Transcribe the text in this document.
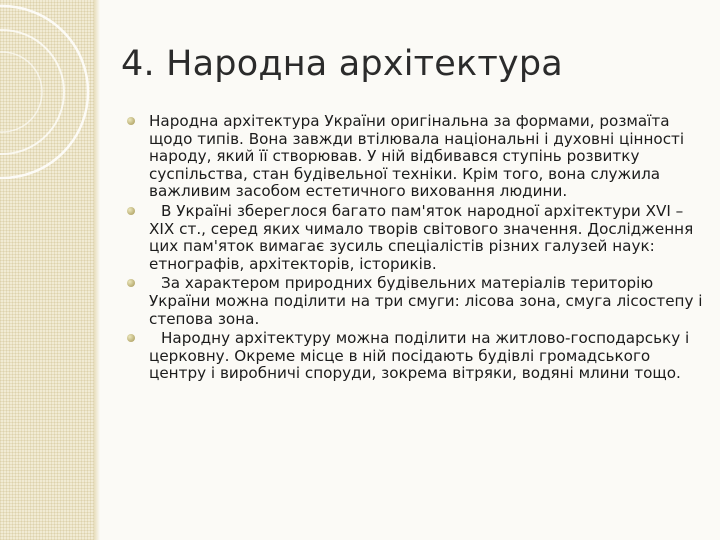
4. Народна архітектура
Народна архітектура України оригінальна за формами, розмаїта щодо типів. Вона завжди втілювала національні і духовні цінності народу, який її створював. У ній відбивався ступінь розвитку суспільства, стан будівельної техніки. Крім того, вона служила важливим засобом естетичного виховання людини.
В Україні збереглося багато пам'яток народної архітектури XVI – XIX ст., серед яких чимало творів світового значення. Дослідження цих пам'яток вимагає зусиль спеціалістів різних галузей наук: етнографів, архітекторів, істориків.
За характером природних будівельних матеріалів територію України можна поділити на три смуги: лісова зона, смуга лісостепу і степова зона.
Народну архітектуру можна поділити на житлово-господарську і церковну. Окреме місце в ній посідають будівлі громадського центру і виробничі споруди, зокрема вітряки, водяні млини тощо.
